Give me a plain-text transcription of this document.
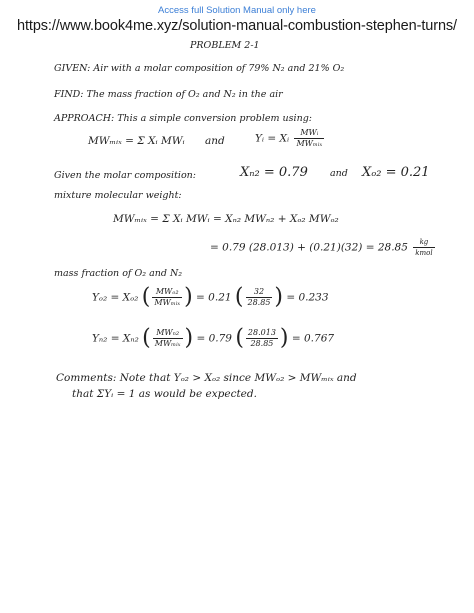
Access full Solution Manual only here
https://www.book4me.xyz/solution-manual-combustion-stephen-turns/
PROBLEM 2-1
GIVEN: Air with a molar composition of 79% N₂ and 21% O₂
FIND: The mass fraction of O₂ and N₂ in the air
APPROACH: This a simple conversion problem using:
MWₘᵢₓ = Σ Xᵢ MWᵢ and	Yᵢ = Xᵢ $\frac{\text{MWᵢ}}{\text{MWₘᵢₓ}}$
Given the molar composition:	Xₙ₂ = 0.79 and Xₒ₂ = 0.21
mixture molecular weight:
MWₘᵢₓ = Σ Xᵢ MWᵢ = Xₙ₂ MWₙ₂ + Xₒ₂ MWₒ₂
= 0.79 $(28.013) + (0.21)(32) = 28.85 \frac{kg}{\text{kmol}}$
mass fraction of O₂ and N₂
Yₒ₂ = Xₒ₂ ( $\frac{\text{MWₒ₂}}{\text{MWₘᵢₓ}}$ ) = 0.21 ( $\frac{32}{28.85}$ ) = 0.233
Yₙ₂ = Xₙ₂ ( $\frac{\text{MWₙ₂}}{\text{MWₘᵢₓ}}$ ) = 0.79 ( $\frac{28.013}{28.85}$ ) = 0.767
Comments: Note that Yₒ₂ > Xₒ₂ since MWₒ₂ > MWₘᵢₓ and
that ΣYᵢ = 1 as would be expected.
